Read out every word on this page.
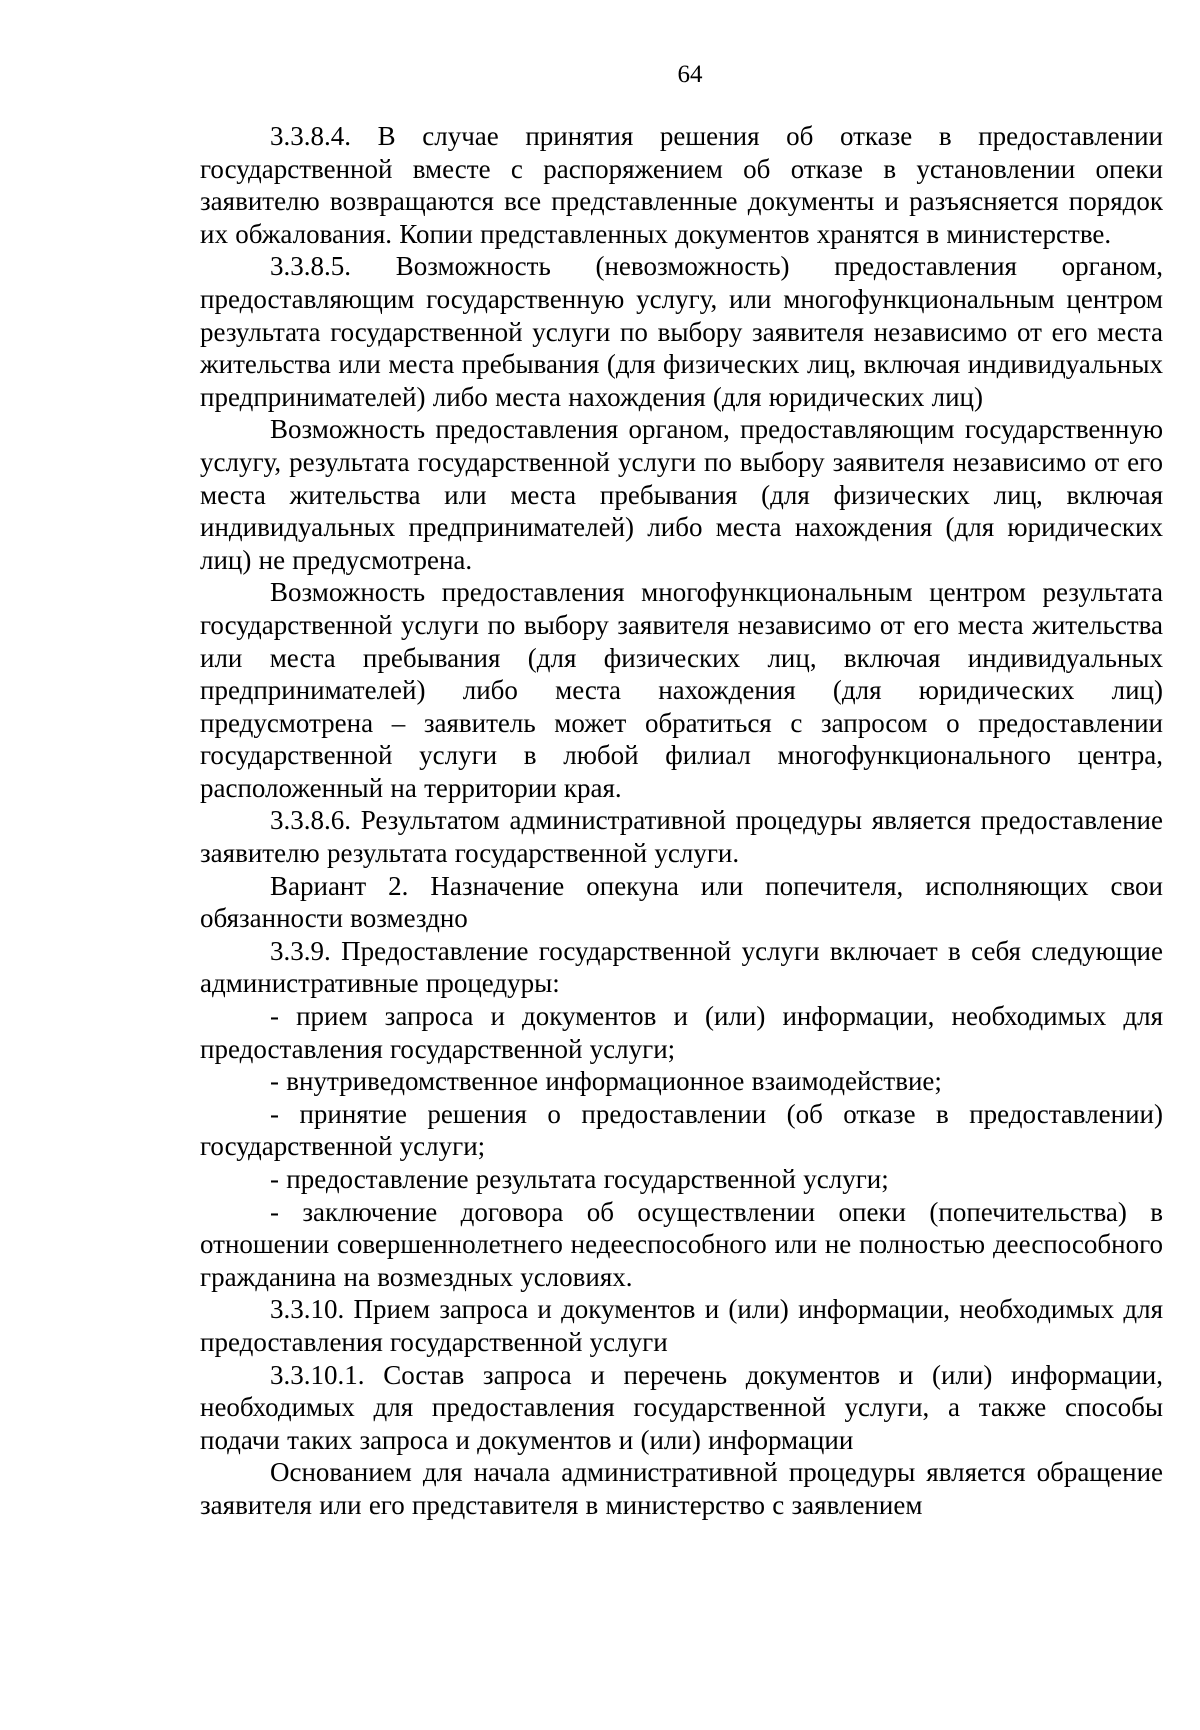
64

3.3.8.4. В случае принятия решения об отказе в предоставлении государственной вместе с распоряжением об отказе в установлении опеки заявителю возвращаются все представленные документы и разъясняется порядок их обжалования. Копии представленных документов хранятся в министерстве.

3.3.8.5. Возможность (невозможность) предоставления органом, предоставляющим государственную услугу, или многофункциональным центром результата государственной услуги по выбору заявителя независимо от его места жительства или места пребывания (для физических лиц, включая индивидуальных предпринимателей) либо места нахождения (для юридических лиц)

Возможность предоставления органом, предоставляющим государственную услугу, результата государственной услуги по выбору заявителя независимо от его места жительства или места пребывания (для физических лиц, включая индивидуальных предпринимателей) либо места нахождения (для юридических лиц) не предусмотрена.

Возможность предоставления многофункциональным центром результата государственной услуги по выбору заявителя независимо от его места жительства или места пребывания (для физических лиц, включая индивидуальных предпринимателей) либо места нахождения (для юридических лиц) предусмотрена – заявитель может обратиться с запросом о предоставлении государственной услуги в любой филиал многофункционального центра, расположенный на территории края.

3.3.8.6. Результатом административной процедуры является предоставление заявителю результата государственной услуги.

Вариант 2. Назначение опекуна или попечителя, исполняющих свои обязанности возмездно

3.3.9. Предоставление государственной услуги включает в себя следующие административные процедуры:

- прием запроса и документов и (или) информации, необходимых для предоставления государственной услуги;

- внутриведомственное информационное взаимодействие;

- принятие решения о предоставлении (об отказе в предоставлении) государственной услуги;

- предоставление результата государственной услуги;

- заключение договора об осуществлении опеки (попечительства) в отношении совершеннолетнего недееспособного или не полностью дееспособного гражданина на возмездных условиях.

3.3.10. Прием запроса и документов и (или) информации, необходимых для предоставления государственной услуги

3.3.10.1. Состав запроса и перечень документов и (или) информации, необходимых для предоставления государственной услуги, а также способы подачи таких запроса и документов и (или) информации

Основанием для начала административной процедуры является обращение заявителя или его представителя в министерство с заявлением
